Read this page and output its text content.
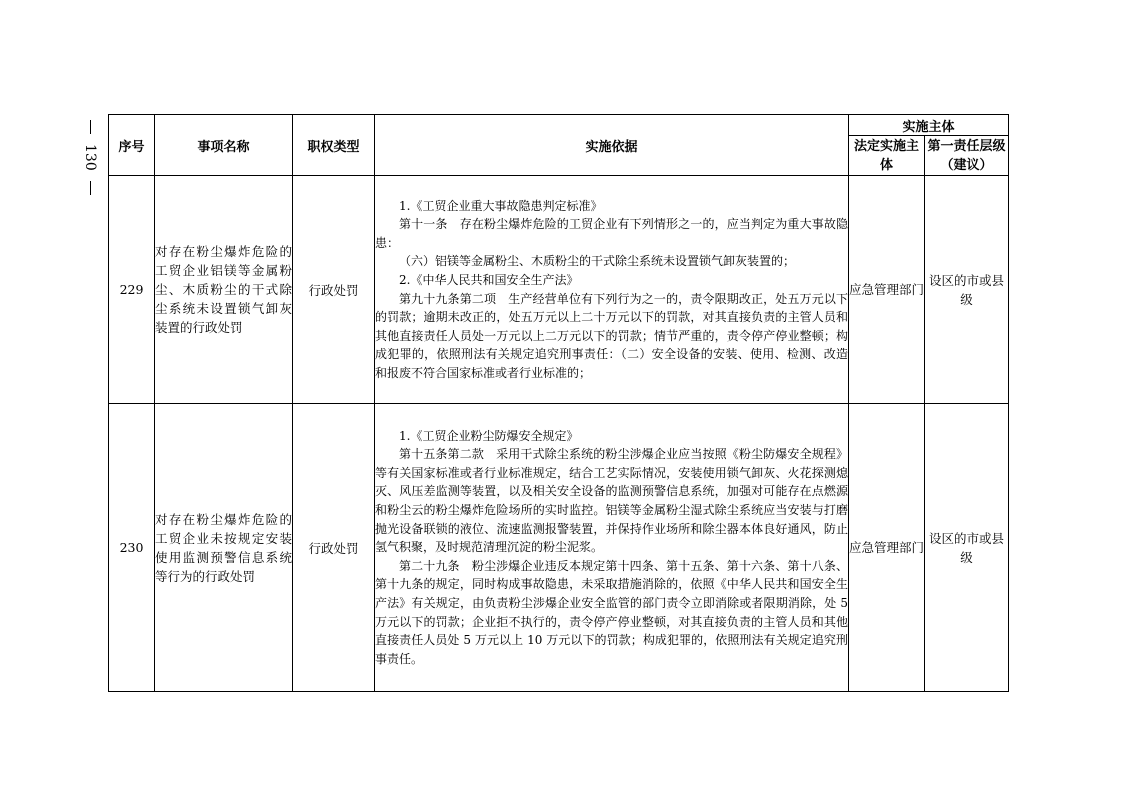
130 序号	事项名称	职权类型	实施依据	实施主体	
				法定实施主体	第一责任层级（建议）
229	对存在粉尘爆炸危险的工贸企业铝镁等金属粉尘、木质粉尘的干式除尘系统未设置锁气卸灰装置的行政处罚	行政处罚	1.《工贸企业重大事故隐患判定标准》

第十一条　存在粉尘爆炸危险的工贸企业有下列情形之一的，应当判定为重大事故隐患：

（六）铝镁等金属粉尘、木质粉尘的干式除尘系统未设置锁气卸灰装置的；

2.《中华人民共和国安全生产法》

第九十九条第二项　生产经营单位有下列行为之一的，责令限期改正，处五万元以下的罚款；逾期未改正的，处五万元以上二十万元以下的罚款，对其直接负责的主管人员和其他直接责任人员处一万元以上二万元以下的罚款；情节严重的，责令停产停业整顿；构成犯罪的，依照刑法有关规定追究刑事责任：（二）安全设备的安装、使用、检测、改造和报废不符合国家标准或者行业标准的；	应急管理部门	设区的市或县级
230	对存在粉尘爆炸危险的工贸企业未按规定安装使用监测预警信息系统等行为的行政处罚	行政处罚	1.《工贸企业粉尘防爆安全规定》

第十五条第二款　采用干式除尘系统的粉尘涉爆企业应当按照《粉尘防爆安全规程》等有关国家标准或者行业标准规定，结合工艺实际情况，安装使用锁气卸灰、火花探测熄灭、风压差监测等装置，以及相关安全设备的监测预警信息系统，加强对可能存在点燃源和粉尘云的粉尘爆炸危险场所的实时监控。铝镁等金属粉尘湿式除尘系统应当安装与打磨抛光设备联锁的液位、流速监测报警装置，并保持作业场所和除尘器本体良好通风，防止氢气积聚，及时规范清理沉淀的粉尘泥浆。

第二十九条　粉尘涉爆企业违反本规定第十四条、第十五条、第十六条、第十八条、第十九条的规定，同时构成事故隐患，未采取措施消除的，依照《中华人民共和国安全生产法》有关规定，由负责粉尘涉爆企业安全监管的部门责令立即消除或者限期消除，处 5 万元以下的罚款；企业拒不执行的，责令停产停业整顿，对其直接负责的主管人员和其他直接责任人员处 5 万元以上 10 万元以下的罚款；构成犯罪的，依照刑法有关规定追究刑事责任。	应急管理部门	设区的市或县级
